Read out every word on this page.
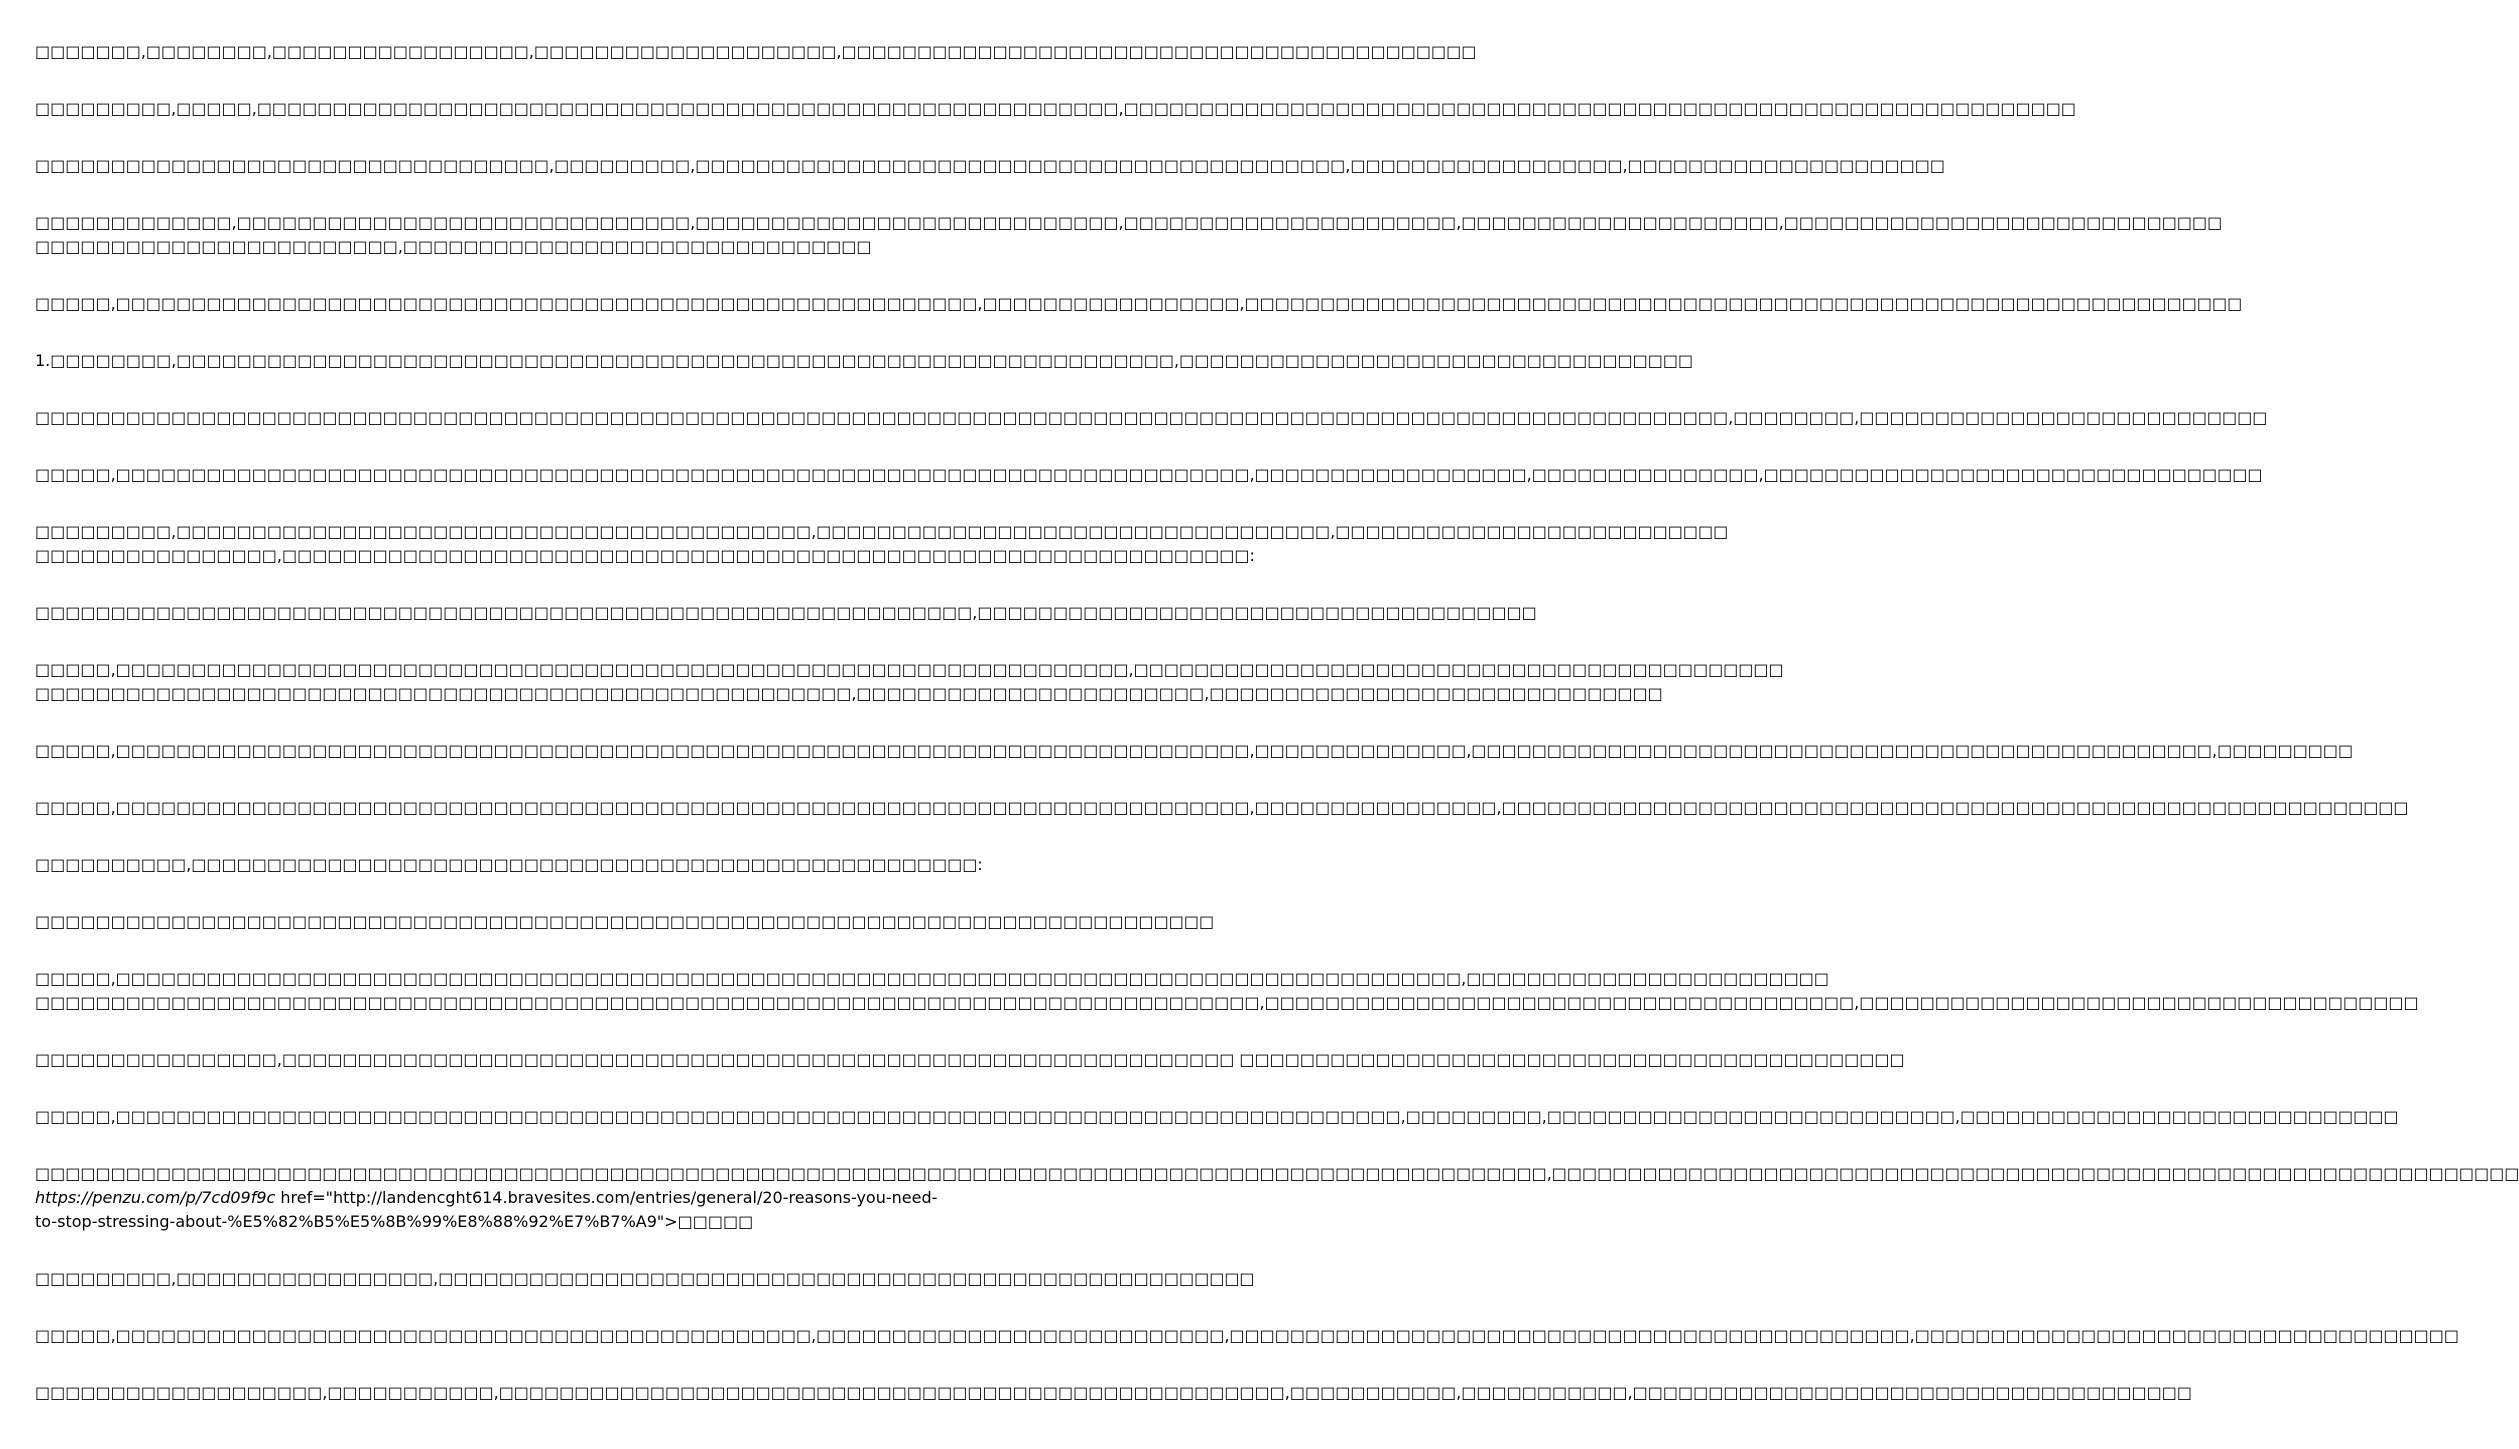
□□□□□□□,□□□□□□□□,□□□□□□□□□□□□□□□□□,□□□□□□□□□□□□□□□□□□□□,□□□□□□□□□□□□□□□□□□□□□□□□□□□□□□□□□□□□□□□□□□

□□□□□□□□□,□□□□□,□□□□□□□□□□□□□□□□□□□□□□□□□□□□□□□□□□□□□□□□□□□□□□□□□□□□□□□□□,□□□□□□□□□□□□□□□□□□□□□□□□□□□□□□□□□□□□□□□□□□□□□□□□□□□□□□□□□□□□□□□

□□□□□□□□□□□□□□□□□□□□□□□□□□□□□□□□□□,□□□□□□□□□,□□□□□□□□□□□□□□□□□□□□□□□□□□□□□□□□□□□□□□□□□□□,□□□□□□□□□□□□□□□□□□,□□□□□□□□□□□□□□□□□□□□□

□□□□□□□□□□□□□,□□□□□□□□□□□□□□□□□□□□□□□□□□□□□□,□□□□□□□□□□□□□□□□□□□□□□□□□□□□,□□□□□□□□□□□□□□□□□□□□□□,□□□□□□□□□□□□□□□□□□□□□,□□□□□□□□□□□□□□□□□□□□□□□□□□□□□
□□□□□□□□□□□□□□□□□□□□□□□□,□□□□□□□□□□□□□□□□□□□□□□□□□□□□□□□

□□□□□,□□□□□□□□□□□□□□□□□□□□□□□□□□□□□□□□□□□□□□□□□□□□□□□□□□□□□□□□□,□□□□□□□□□□□□□□□□□,□□□□□□□□□□□□□□□□□□□□□□□□□□□□□□□□□□□□□□□□□□□□□□□□□□□□□□□□□□□□□□□□□□

1.□□□□□□□□,□□□□□□□□□□□□□□□□□□□□□□□□□□□□□□□□□□□□□□□□□□□□□□□□□□□□□□□□□□□□□□□□□□,□□□□□□□□□□□□□□□□□□□□□□□□□□□□□□□□□□

□□□□□□□□□□□□□□□□□□□□□□□□□□□□□□□□□□□□□□□□□□□□□□□□□□□□□□□□□□□□□□□□□□□□□□□□□□□□□□□□□□□□□□□□□□□□□□□□□□□□□□□□□□□□□□□□,□□□□□□□□,□□□□□□□□□□□□□□□□□□□□□□□□□□□

□□□□□,□□□□□□□□□□□□□□□□□□□□□□□□□□□□□□□□□□□□□□□□□□□□□□□□□□□□□□□□□□□□□□□□□□□□□□□□□□□,□□□□□□□□□□□□□□□□□□,□□□□□□□□□□□□□□□,□□□□□□□□□□□□□□□□□□□□□□□□□□□□□□□□□

□□□□□□□□□,□□□□□□□□□□□□□□□□□□□□□□□□□□□□□□□□□□□□□□□□□□,□□□□□□□□□□□□□□□□□□□□□□□□□□□□□□□□□□,□□□□□□□□□□□□□□□□□□□□□□□□□□
□□□□□□□□□□□□□□□□,□□□□□□□□□□□□□□□□□□□□□□□□□□□□□□□□□□□□□□□□□□□□□□□□□□□□□□□□□□□□□□□□:

□□□□□□□□□□□□□□□□□□□□□□□□□□□□□□□□□□□□□□□□□□□□□□□□□□□□□□□□□□□□□□,□□□□□□□□□□□□□□□□□□□□□□□□□□□□□□□□□□□□□

□□□□□,□□□□□□□□□□□□□□□□□□□□□□□□□□□□□□□□□□□□□□□□□□□□□□□□□□□□□□□□□□□□□□□□□□□,□□□□□□□□□□□□□□□□□□□□□□□□□□□□□□□□□□□□□□□□□□□
□□□□□□□□□□□□□□□□□□□□□□□□□□□□□□□□□□□□□□□□□□□□□□□□□□□□□□,□□□□□□□□□□□□□□□□□□□□□□□,□□□□□□□□□□□□□□□□□□□□□□□□□□□□□□

□□□□□,□□□□□□□□□□□□□□□□□□□□□□□□□□□□□□□□□□□□□□□□□□□□□□□□□□□□□□□□□□□□□□□□□□□□□□□□□□□,□□□□□□□□□□□□□□,□□□□□□□□□□□□□□□□□□□□□□□□□□□□□□□□□□□□□□□□□□□□□□□□□,□□□□□□□□□

□□□□□,□□□□□□□□□□□□□□□□□□□□□□□□□□□□□□□□□□□□□□□□□□□□□□□□□□□□□□□□□□□□□□□□□□□□□□□□□□□,□□□□□□□□□□□□□□□□,□□□□□□□□□□□□□□□□□□□□□□□□□□□□□□□□□□□□□□□□□□□□□□□□□□□□□□□□□□□□

□□□□□□□□□□,□□□□□□□□□□□□□□□□□□□□□□□□□□□□□□□□□□□□□□□□□□□□□□□□□□□□:

□□□□□□□□□□□□□□□□□□□□□□□□□□□□□□□□□□□□□□□□□□□□□□□□□□□□□□□□□□□□□□□□□□□□□□□□□□□□□□

□□□□□,□□□□□□□□□□□□□□□□□□□□□□□□□□□□□□□□□□□□□□□□□□□□□□□□□□□□□□□□□□□□□□□□□□□□□□□□□□□□□□□□□□□□□□□□□,□□□□□□□□□□□□□□□□□□□□□□□□
□□□□□□□□□□□□□□□□□□□□□□□□□□□□□□□□□□□□□□□□□□□□□□□□□□□□□□□□□□□□□□□□□□□□□□□□□□□□□□□□□,□□□□□□□□□□□□□□□□□□□□□□□□□□□□□□□□□□□□□□□,□□□□□□□□□□□□□□□□□□□□□□□□□□□□□□□□□□□□□

□□□□□□□□□□□□□□□□,□□□□□□□□□□□□□□□□□□□□□□□□□□□□□□□□□□□□□□□□□□□□□□□□□□□□□□□□□□□□□□□ □□□□□□□□□□□□□□□□□□□□□□□□□□□□□□□□□□□□□□□□□□□□

□□□□□,□□□□□□□□□□□□□□□□□□□□□□□□□□□□□□□□□□□□□□□□□□□□□□□□□□□□□□□□□□□□□□□□□□□□□□□□□□□□□□□□□□□□□,□□□□□□□□□,□□□□□□□□□□□□□□□□□□□□□□□□□□□,□□□□□□□□□□□□□□□□□□□□□□□□□□□□□

□□□□□□□□□□□□□□□□□□□□□□□□□□□□□□□□□□□□□□□□□□□□□□□□□□□□□□□□□□□□□□□□□□□□□□□□□□□□□□□□□□□□□□□□□□□□□□□□□□□□,□□□□□□□□□□□□□□□□□□□□□□□□□□□□□□□□□□□□□□□□□□□□□□□□□□□□□□□□□□□□□□□□
https://penzu.com/p/7cd09f9c href="http://landencght614.bravesites.com/entries/general/20-reasons-you-need-
to-stop-stressing-about-%E5%82%B5%E5%8B%99%E8%88%92%E7%B7%A9">□□□□□

□□□□□□□□□,□□□□□□□□□□□□□□□□□,□□□□□□□□□□□□□□□□□□□□□□□□□□□□□□□□□□□□□□□□□□□□□□□□□□□□□□

□□□□□,□□□□□□□□□□□□□□□□□□□□□□□□□□□□□□□□□□□□□□□□□□□□□□,□□□□□□□□□□□□□□□□□□□□□□□□□□□,□□□□□□□□□□□□□□□□□□□□□□□□□□□□□□□□□□□□□□□□□□□□□,□□□□□□□□□□□□□□□□□□□□□□□□□□□□□□□□□□□□

□□□□□□□□□□□□□□□□□□□,□□□□□□□□□□□,□□□□□□□□□□□□□□□□□□□□□□□□□□□□□□□□□□□□□□□□□□□□□□□□□□□□,□□□□□□□□□□□,□□□□□□□□□□□,□□□□□□□□□□□□□□□□□□□□□□□□□□□□□□□□□□□□□
